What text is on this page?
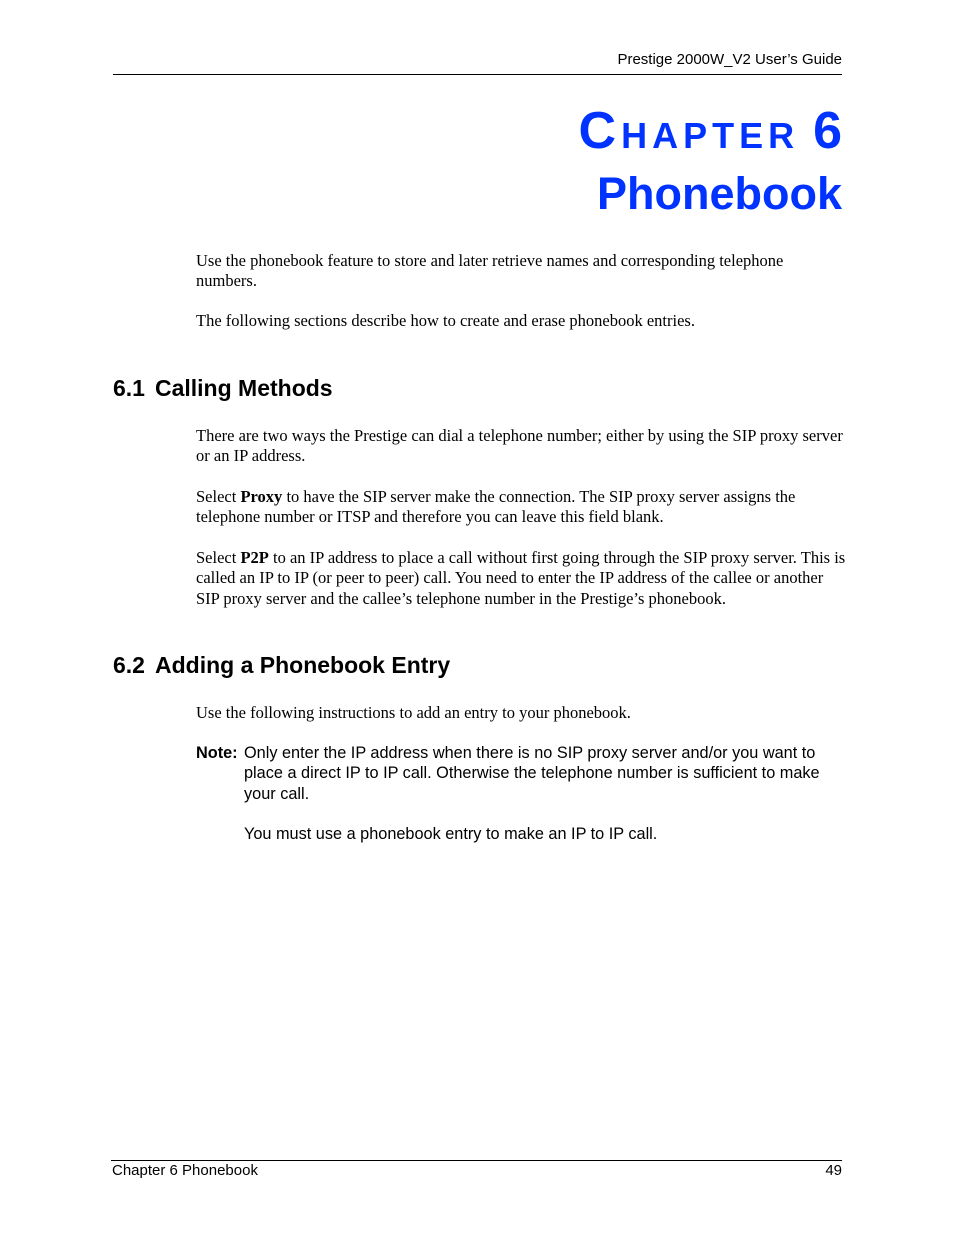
Prestige 2000W_V2 User’s Guide
Chapter 6
Phonebook

Use the phonebook feature to store and later retrieve names and corresponding telephone numbers.

The following sections describe how to create and erase phonebook entries.

6.1 Calling Methods

There are two ways the Prestige can dial a telephone number; either by using the SIP proxy server or an IP address.

Select Proxy to have the SIP server make the connection. The SIP proxy server assigns the telephone number or ITSP and therefore you can leave this field blank.

Select P2P to an IP address to place a call without first going through the SIP proxy server. This is called an IP to IP (or peer to peer) call. You need to enter the IP address of the callee or another SIP proxy server and the callee’s telephone number in the Prestige’s phonebook.

6.2 Adding a Phonebook Entry

Use the following instructions to add an entry to your phonebook.

Note: Only enter the IP address when there is no SIP proxy server and/or you want to place a direct IP to IP call. Otherwise the telephone number is sufficient to make your call.
You must use a phonebook entry to make an IP to IP call.
Chapter 6 Phonebook	49
